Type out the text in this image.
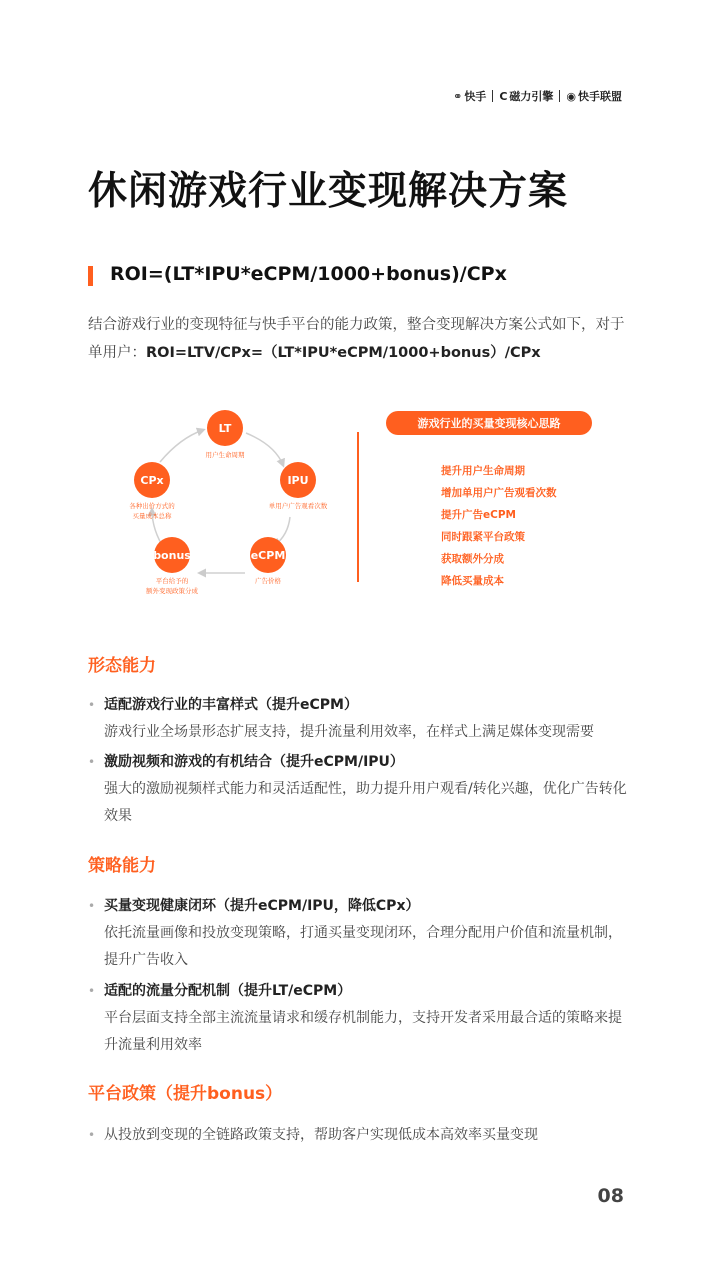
⚭ 快手 C 磁力引擎 ◉ 快手联盟
休闲游戏行业变现解决方案
ROI=(LT*IPU*eCPM/1000+bonus)/CPx
结合游戏行业的变现特征与快手平台的能力政策，整合变现解决方案公式如下，对于单用户：ROI=LTV/CPx=（LT*IPU*eCPM/1000+bonus）/CPx
LT
用户生命周期
IPU
单用户广告观看次数
eCPM
广告价格
bonus
平台给予的
额外变现政策分成
CPx
各种出价方式的
买量成本总称
游戏行业的买量变现核心思路
提升用户生命周期
增加单用户广告观看次数
提升广告eCPM
同时跟紧平台政策
获取额外分成
降低买量成本
形态能力
• 适配游戏行业的丰富样式（提升eCPM）
游戏行业全场景形态扩展支持，提升流量利用效率，在样式上满足媒体变现需要
• 激励视频和游戏的有机结合（提升eCPM/IPU）
强大的激励视频样式能力和灵活适配性，助力提升用户观看/转化兴趣，优化广告转化效果
策略能力
• 买量变现健康闭环（提升eCPM/IPU，降低CPx）
依托流量画像和投放变现策略，打通买量变现闭环，合理分配用户价值和流量机制，提升广告收入
• 适配的流量分配机制（提升LT/eCPM）
平台层面支持全部主流流量请求和缓存机制能力，支持开发者采用最合适的策略来提升流量利用效率
平台政策（提升bonus）
• 从投放到变现的全链路政策支持，帮助客户实现低成本高效率买量变现
08
